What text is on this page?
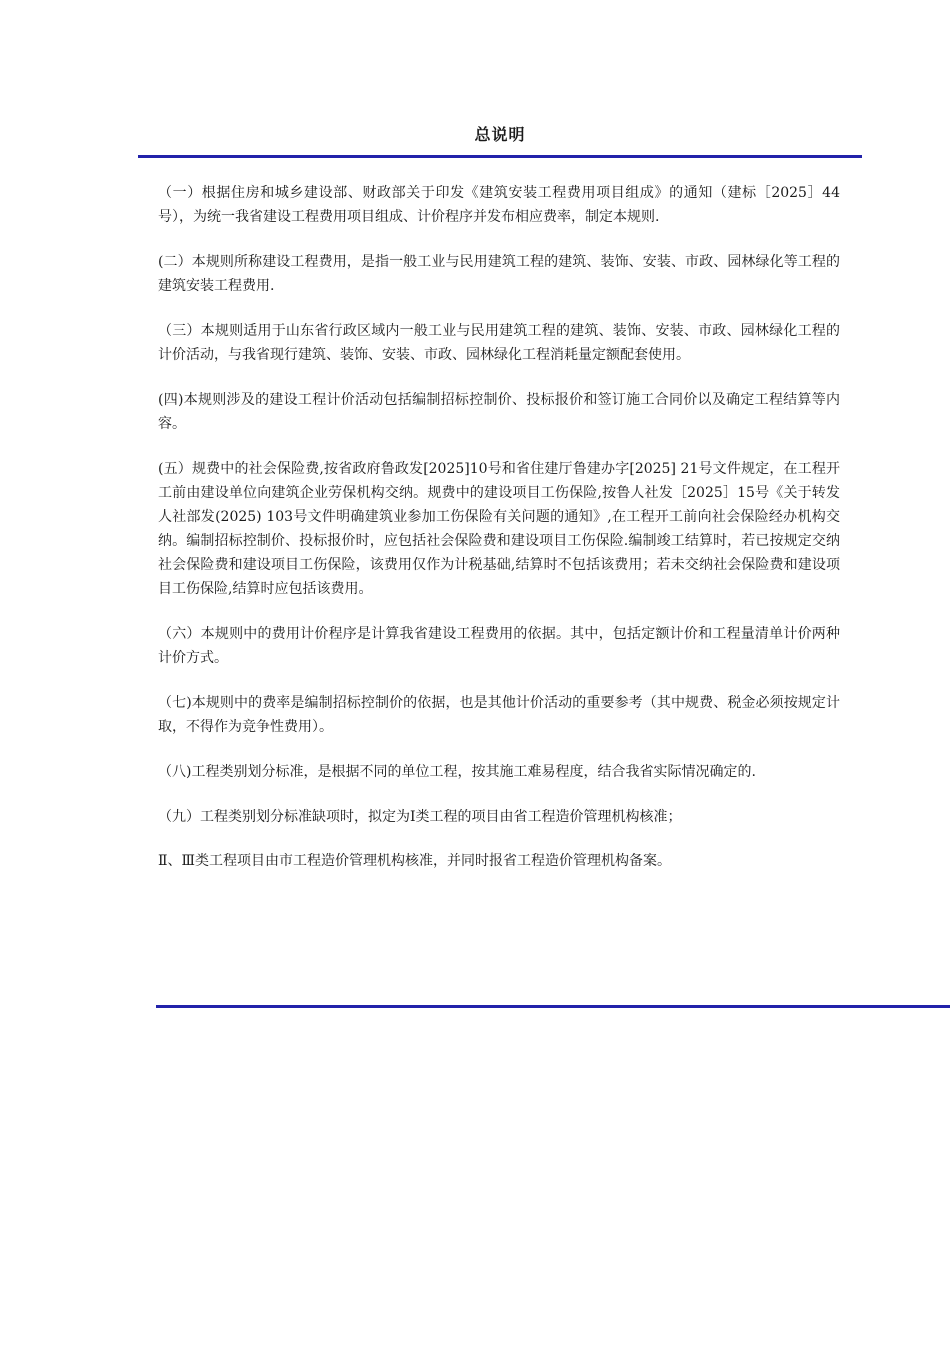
总说明

（一）根据住房和城乡建设部、财政部关于印发《建筑安装工程费用项目组成》的通知（建标［2025］44号），为统一我省建设工程费用项目组成、计价程序并发布相应费率，制定本规则.

(二）本规则所称建设工程费用，是指一般工业与民用建筑工程的建筑、装饰、安装、市政、园林绿化等工程的建筑安装工程费用.

（三）本规则适用于山东省行政区域内一般工业与民用建筑工程的建筑、装饰、安装、市政、园林绿化工程的计价活动，与我省现行建筑、装饰、安装、市政、园林绿化工程消耗量定额配套使用。

(四)本规则涉及的建设工程计价活动包括编制招标控制价、投标报价和签订施工合同价以及确定工程结算等内容。

(五）规费中的社会保险费,按省政府鲁政发[2025]10号和省住建厅鲁建办字[2025] 21号文件规定，在工程开工前由建设单位向建筑企业劳保机构交纳。规费中的建设项目工伤保险,按鲁人社发［2025］15号《关于转发人社部发(2025) 103号文件明确建筑业参加工伤保险有关问题的通知》,在工程开工前向社会保险经办机构交纳。编制招标控制价、投标报价时，应包括社会保险费和建设项目工伤保险.编制竣工结算时，若已按规定交纳社会保险费和建设项目工伤保险，该费用仅作为计税基础,结算时不包括该费用；若未交纳社会保险费和建设项目工伤保险,结算时应包括该费用。

（六）本规则中的费用计价程序是计算我省建设工程费用的依据。其中，包括定额计价和工程量清单计价两种计价方式。

（七)本规则中的费率是编制招标控制价的依据，也是其他计价活动的重要参考（其中规费、税金必须按规定计取，不得作为竞争性费用）。

（八)工程类别划分标准，是根据不同的单位工程，按其施工难易程度，结合我省实际情况确定的.

（九）工程类别划分标准缺项时，拟定为Ⅰ类工程的项目由省工程造价管理机构核准；

Ⅱ、Ⅲ类工程项目由市工程造价管理机构核准，并同时报省工程造价管理机构备案。
